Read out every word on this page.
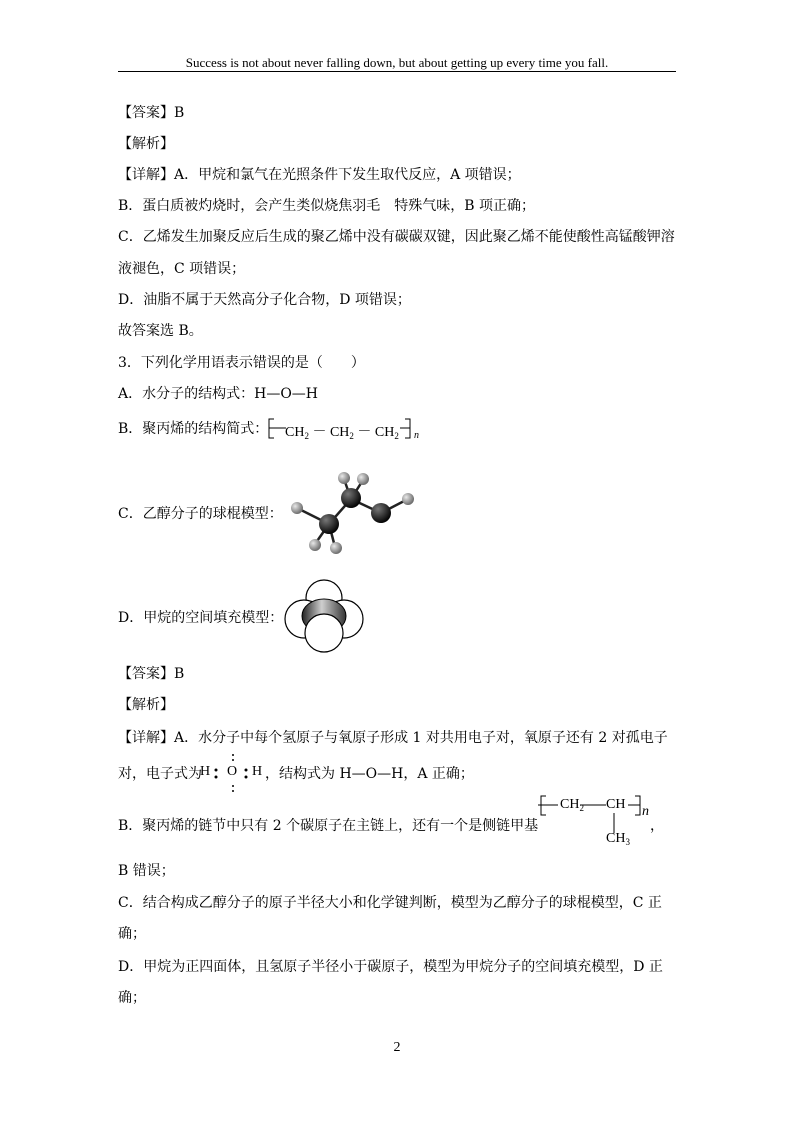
Success is not about never falling down, but about getting up every time you fall.
【答案】B
【解析】
【详解】A．甲烷和氯气在光照条件下发生取代反应，A 项错误；
B．蛋白质被灼烧时，会产生类似烧焦羽毛　特殊气味，B 项正确；
C．乙烯发生加聚反应后生成的聚乙烯中没有碳碳双键，因此聚乙烯不能使酸性高锰酸钾溶
液褪色，C 项错误；
D．油脂不属于天然高分子化合物，D 项错误；
故答案选 B。
3．下列化学用语表示错误的是（　　）
A．水分子的结构式：H—O—H
B．聚丙烯的结构简式： $CH_2 - CH_2 - CH_2$ n
C．乙醇分子的球棍模型：
D．甲烷的空间填充模型：
【答案】B
【解析】
【详解】A．水分子中每个氢原子与氧原子形成 1 对共用电子对，氧原子还有 2 对孤电子
对，电子式为
H O H ，结构式为 H—O—H，A 正确；
B．聚丙烯的链节中只有 2 个碳原子在主链上，还有一个是侧链甲基
$CH_2$ CH n
$CH_3$
，
B 错误；
C．结合构成乙醇分子的原子半径大小和化学键判断，模型为乙醇分子的球棍模型，C 正
确；
D．甲烷为正四面体，且氢原子半径小于碳原子，模型为甲烷分子的空间填充模型，D 正
确；
2
